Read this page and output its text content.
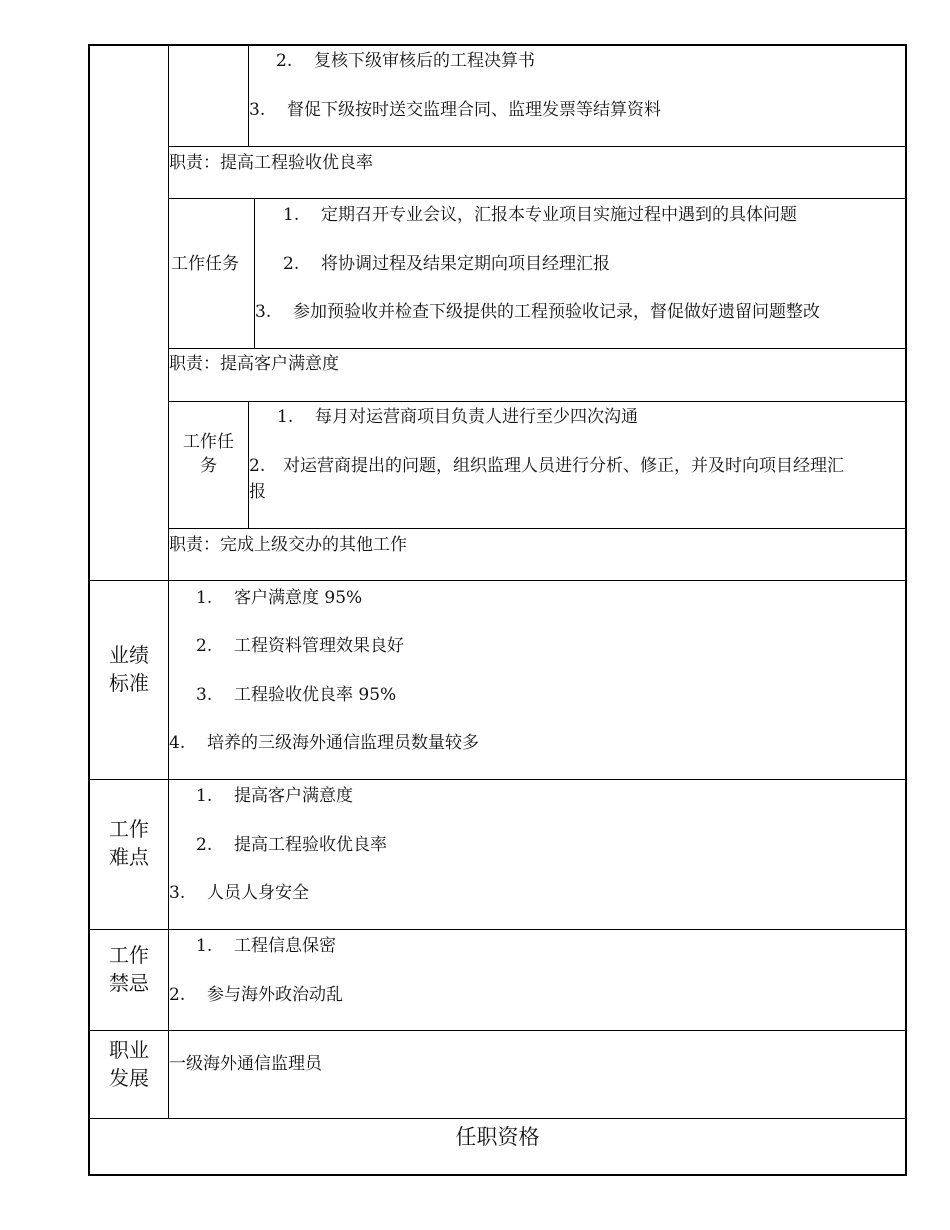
2. 复核下级审核后的工程决算书
3. 督促下级按时送交监理合同、监理发票等结算资料
职责：提高工程验收优良率
工作任务
1. 定期召开专业会议，汇报本专业项目实施过程中遇到的具体问题
2. 将协调过程及结果定期向项目经理汇报
3. 参加预验收并检查下级提供的工程预验收记录，督促做好遗留问题整改
职责：提高客户满意度
工作任
务
1. 每月对运营商项目负责人进行至少四次沟通
2. 对运营商提出的问题，组织监理人员进行分析、修正，并及时向项目经理汇
报
职责：完成上级交办的其他工作
业绩
标准
1. 客户满意度 95%
2. 工程资料管理效果良好
3. 工程验收优良率 95%
4. 培养的三级海外通信监理员数量较多
工作
难点
1. 提高客户满意度
2. 提高工程验收优良率
3. 人员人身安全
工作
禁忌
1. 工程信息保密
2. 参与海外政治动乱
职业
发展
一级海外通信监理员
任职资格
